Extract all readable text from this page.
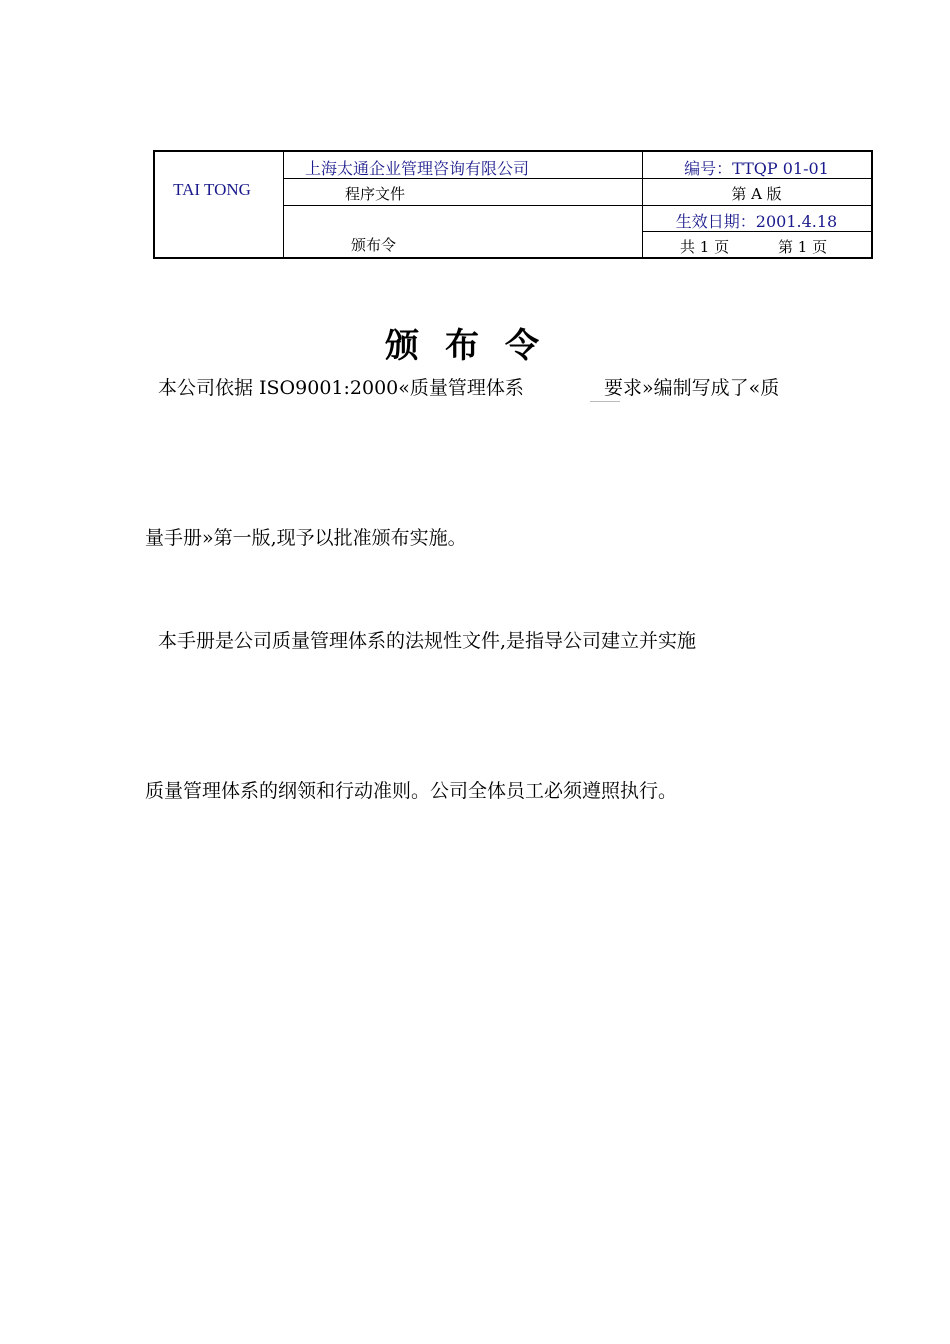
TAI TONG
上海太通企业管理咨询有限公司
程序文件
颁布令
编号：TTQP 01-01
第 A 版
生效日期：2001.4.18
共 1 页	第 1 页
颁布令
本公司依据 ISO9001:2000«质量管理体系	要求»编制写成了«质
量手册»第一版,现予以批准颁布实施。
本手册是公司质量管理体系的法规性文件,是指导公司建立并实施
质量管理体系的纲领和行动准则。公司全体员工必须遵照执行。
